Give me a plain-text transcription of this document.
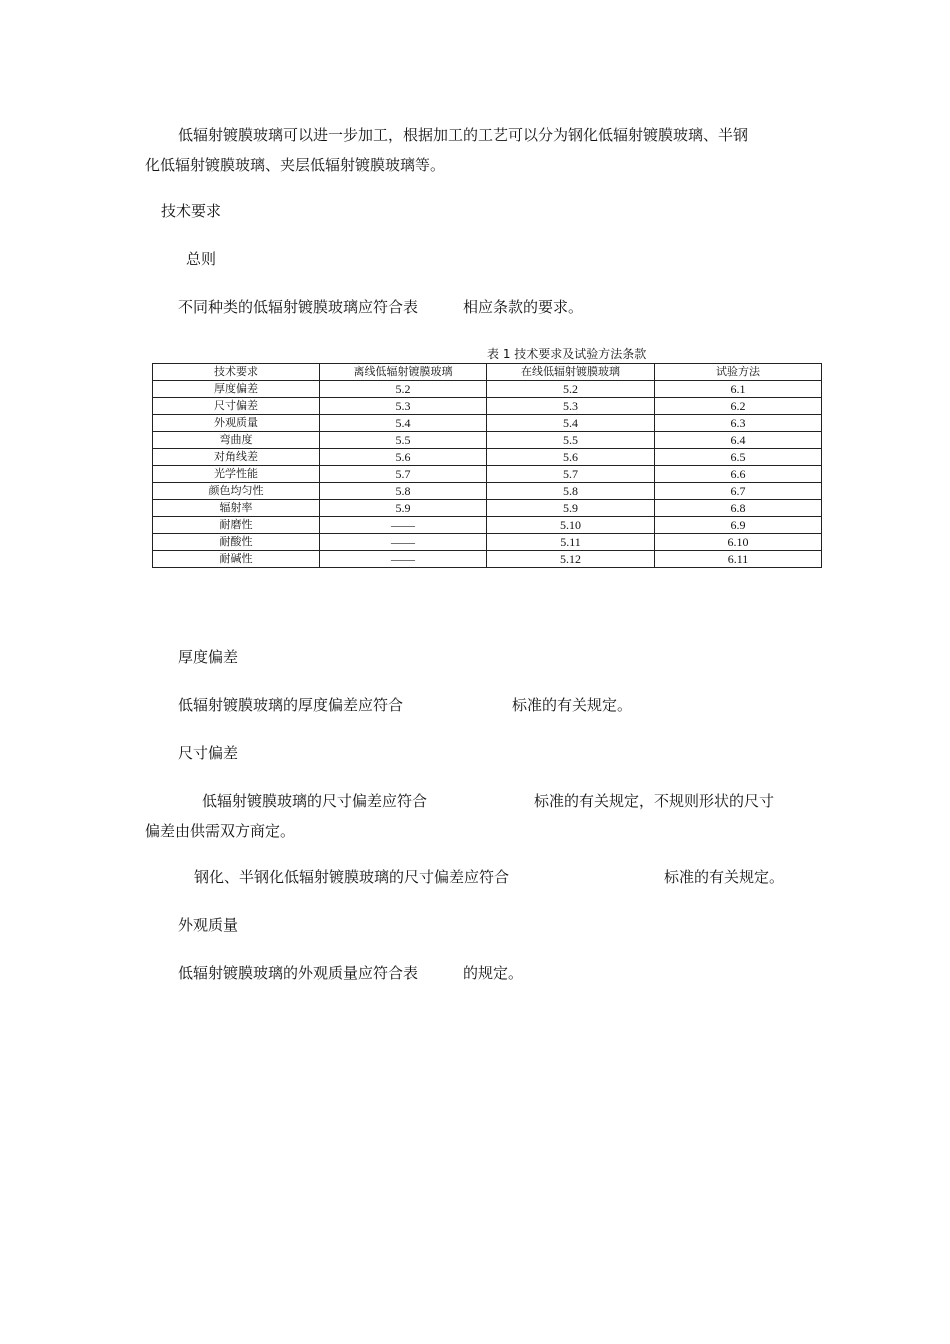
低辐射镀膜玻璃可以进一步加工，根据加工的工艺可以分为钢化低辐射镀膜玻璃、半钢
化低辐射镀膜玻璃、夹层低辐射镀膜玻璃等。
技术要求
总则
不同种类的低辐射镀膜玻璃应符合表	相应条款的要求。
表 1 技术要求及试验方法条款
技术要求	离线低辐射镀膜玻璃	在线低辐射镀膜玻璃	试验方法
厚度偏差	5.2	5.2	6.1
尺寸偏差	5.3	5.3	6.2
外观质量	5.4	5.4	6.3
弯曲度	5.5	5.5	6.4
对角线差	5.6	5.6	6.5
光学性能	5.7	5.7	6.6
颜色均匀性	5.8	5.8	6.7
辐射率	5.9	5.9	6.8
耐磨性	——	5.10	6.9
耐酸性	——	5.11	6.10
耐碱性	——	5.12	6.11
厚度偏差
低辐射镀膜玻璃的厚度偏差应符合	标准的有关规定。
尺寸偏差
低辐射镀膜玻璃的尺寸偏差应符合	标准的有关规定，不规则形状的尺寸
偏差由供需双方商定。
钢化、半钢化低辐射镀膜玻璃的尺寸偏差应符合	标准的有关规定。
外观质量
低辐射镀膜玻璃的外观质量应符合表	的规定。
